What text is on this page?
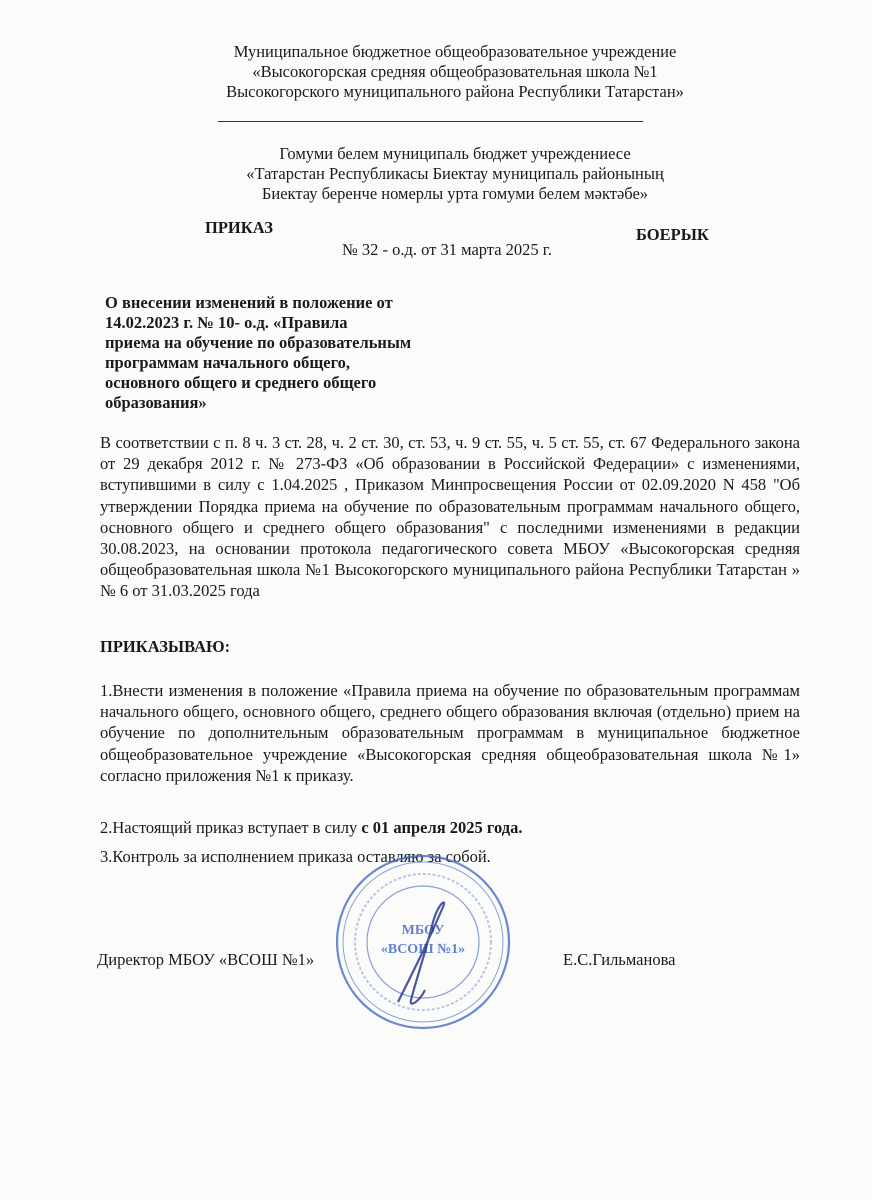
Муниципальное бюджетное общеобразовательное учреждение
«Высокогорская средняя общеобразовательная школа №1
Высокогорского муниципального района Республики Татарстан»
Гомуми белем муниципаль бюджет учреждениесе
«Татарстан Республикасы Биектау муниципаль районының
Биектау беренче номерлы урта гомуми белем мәктәбе»
ПРИКАЗ	БОЕРЫК
№ 32 - о.д. от 31 марта 2025 г.
О внесении изменений в положение от
14.02.2023 г. № 10- о.д. «Правила
приема на обучение по образовательным
программам начального общего,
основного общего и среднего общего
образования»
В соответствии с п. 8 ч. 3 ст. 28, ч. 2 ст. 30, ст. 53, ч. 9 ст. 55, ч. 5 ст. 55, ст. 67 Федерального закона от 29 декабря 2012 г. № 273-ФЗ «Об образовании в Российской Федерации» с изменениями, вступившими в силу с 1.04.2025 , Приказом Минпросвещения России от 02.09.2020 N 458 "Об утверждении Порядка приема на обучение по образовательным программам начального общего, основного общего и среднего общего образования" с последними изменениями в редакции 30.08.2023, на основании протокола педагогического совета МБОУ «Высокогорская средняя общеобразовательная школа №1 Высокогорского муниципального района Республики Татарстан » № 6 от 31.03.2025 года
ПРИКАЗЫВАЮ:
1.Внести изменения в положение «Правила приема на обучение по образовательным программам начального общего, основного общего, среднего общего образования включая (отдельно) прием на обучение по дополнительным образовательным программам в муниципальное бюджетное общеобразовательное учреждение «Высокогорская средняя общеобразовательная школа №1» согласно приложения №1 к приказу.
2.Настоящий приказ вступает в силу с 01 апреля 2025 года.
3.Контроль за исполнением приказа оставляю за собой.
Директор МБОУ «ВСОШ №1»	Е.С.Гильманова
МБОУ
«ВСОШ №1»
